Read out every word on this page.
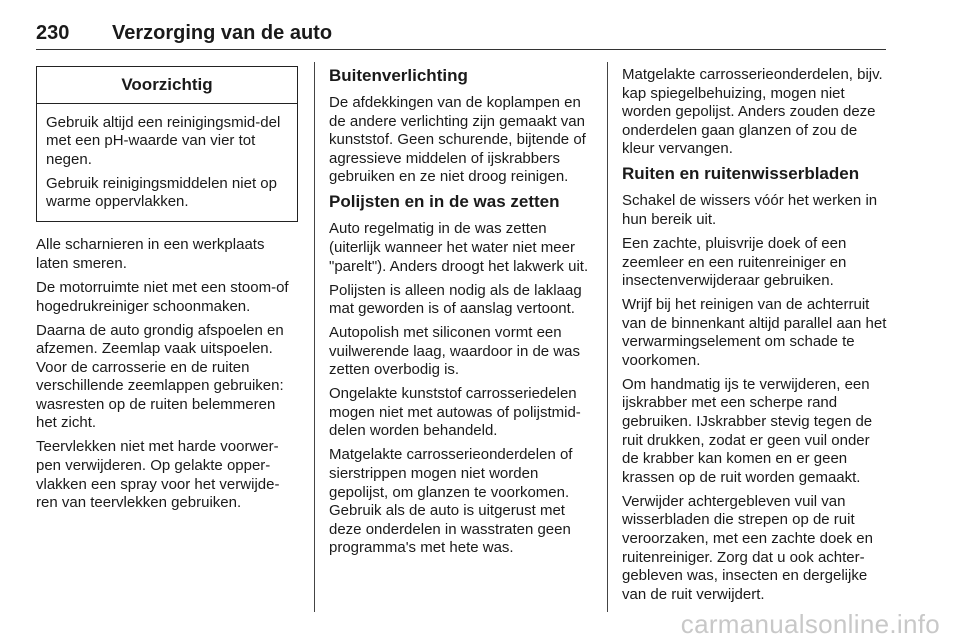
230 Verzorging van de auto
Voorzichtig

Gebruik altijd een reinigingsmid-del met een pH-waarde van vier tot negen.

Gebruik reinigingsmiddelen niet op warme oppervlakken.

Alle scharnieren in een werkplaats laten smeren.

De motorruimte niet met een stoom-of hogedrukreiniger schoonmaken.

Daarna de auto grondig afspoelen en afzemen. Zeemlap vaak uitspoelen. Voor de carrosserie en de ruiten verschillende zeemlappen gebruiken: wasresten op de ruiten belemmeren het zicht.

Teervlekken niet met harde voorwer-pen verwijderen. Op gelakte opper-vlakken een spray voor het verwijde-ren van teervlekken gebruiken.

Buitenverlichting

De afdekkingen van de koplampen en de andere verlichting zijn gemaakt van kunststof. Geen schurende, bijtende of agressieve middelen of ijskrabbers gebruiken en ze niet droog reinigen.

Polijsten en in de was zetten

Auto regelmatig in de was zetten (uiterlijk wanneer het water niet meer "parelt"). Anders droogt het lakwerk uit.

Polijsten is alleen nodig als de laklaag mat geworden is of aanslag vertoont.

Autopolish met siliconen vormt een vuilwerende laag, waardoor in de was zetten overbodig is.

Ongelakte kunststof carrosseriedelen mogen niet met autowas of polijstmid-delen worden behandeld.

Matgelakte carrosserieonderdelen of sierstrippen mogen niet worden gepolijst, om glanzen te voorkomen. Gebruik als de auto is uitgerust met deze onderdelen in wasstraten geen programma's met hete was.

Matgelakte carrosserieonderdelen, bijv. kap spiegelbehuizing, mogen niet worden gepolijst. Anders zouden deze onderdelen gaan glanzen of zou de kleur vervangen.

Ruiten en ruitenwisserbladen

Schakel de wissers vóór het werken in hun bereik uit.

Een zachte, pluisvrije doek of een zeemleer en een ruitenreiniger en insectenverwijderaar gebruiken.

Wrijf bij het reinigen van de achterruit van de binnenkant altijd parallel aan het verwarmingselement om schade te voorkomen.

Om handmatig ijs te verwijderen, een ijskrabber met een scherpe rand gebruiken. IJskrabber stevig tegen de ruit drukken, zodat er geen vuil onder de krabber kan komen en er geen krassen op de ruit worden gemaakt.

Verwijder achtergebleven vuil van wisserbladen die strepen op de ruit veroorzaken, met een zachte doek en ruitenreiniger. Zorg dat u ook achter-gebleven was, insecten en dergelijke van de ruit verwijdert.

carmanualsonline.info
